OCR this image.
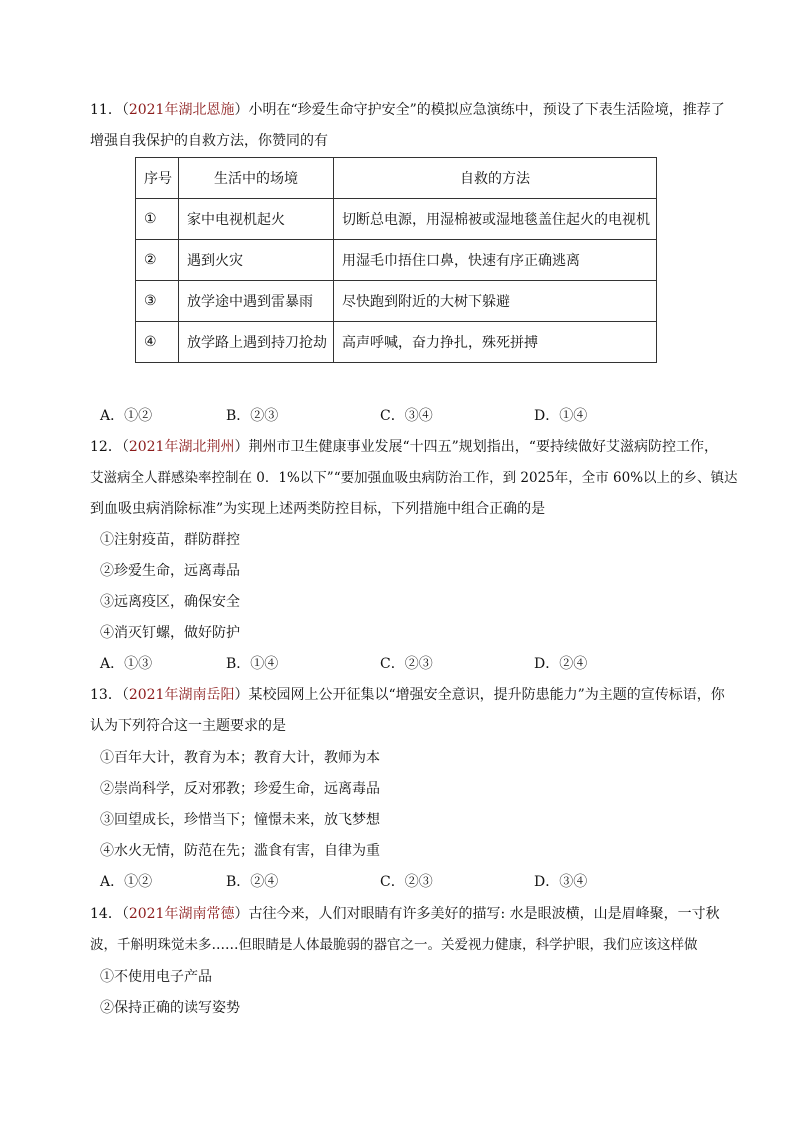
11．（2021年湖北恩施）小明在“珍爱生命守护安全”的模拟应急演练中，预设了下表生活险境，推荐了
增强自我保护的自救方法，你赞同的有
序号	生活中的场境	自救的方法
①	家中电视机起火	切断总电源，用湿棉被或湿地毯盖住起火的电视机
②	遇到火灾	用湿毛巾捂住口鼻，快速有序正确逃离
③	放学途中遇到雷暴雨	尽快跑到附近的大树下躲避
④	放学路上遇到持刀抢劫	高声呼喊，奋力挣扎，殊死拼搏
A．①②	B．②③	C．③④	D．①④
12．（2021年湖北荆州）荆州市卫生健康事业发展“十四五”规划指出，“要持续做好艾滋病防控工作，
艾滋病全人群感染率控制在 0．1%以下”“要加强血吸虫病防治工作，到 2025年，全市 60%以上的乡、镇达
到血吸虫病消除标准”为实现上述两类防控目标，下列措施中组合正确的是
①注射疫苗，群防群控
②珍爱生命，远离毒品
③远离疫区，确保安全
④消灭钉螺，做好防护
A．①③	B．①④	C．②③	D．②④
13．（2021年湖南岳阳）某校园网上公开征集以“增强安全意识，提升防患能力”为主题的宣传标语，你
认为下列符合这一主题要求的是
①百年大计，教育为本；教育大计，教师为本
②崇尚科学，反对邪教；珍爱生命，远离毒品
③回望成长，珍惜当下；憧憬未来，放飞梦想
④水火无情，防范在先；滥食有害，自律为重
A．①②	B．②④	C．②③	D．③④
14．（2021年湖南常德）古往今来，人们对眼睛有许多美好的描写: 水是眼波横，山是眉峰聚，一寸秋
波，千斛明珠觉未多……但眼睛是人体最脆弱的器官之一。关爱视力健康，科学护眼，我们应该这样做
①不使用电子产品
②保持正确的读写姿势
